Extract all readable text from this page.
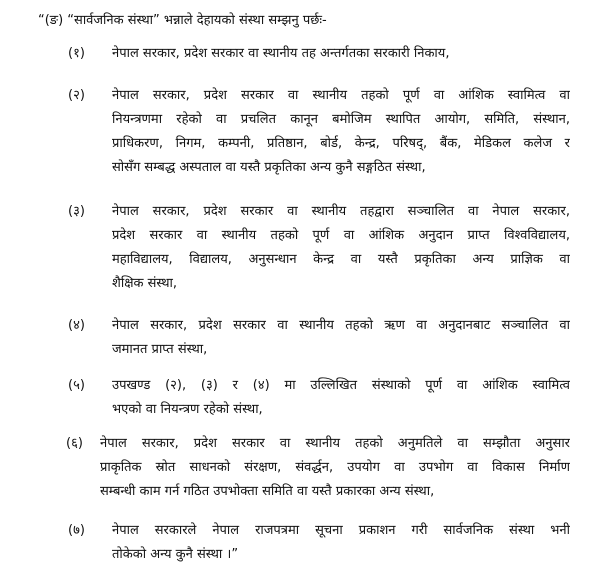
“(ङ) “सार्वजनिक संस्था” भन्नाले देहायको संस्था सम्झनु पर्छः-
(१) नेपाल सरकार, प्रदेश सरकार वा स्थानीय तह अन्तर्गतका सरकारी निकाय,
(२) नेपाल सरकार, प्रदेश सरकार वा स्थानीय तहको पूर्ण वा आंशिक स्वामित्व वा
नियन्त्रणमा रहेको वा प्रचलित कानून बमोजिम स्थापित आयोग, समिति, संस्थान,
प्राधिकरण, निगम, कम्पनी, प्रतिष्ठान, बोर्ड, केन्द्र, परिषद्, बैंक, मेडिकल कलेज र
सोसँग सम्बद्ध अस्पताल वा यस्तै प्रकृतिका अन्य कुनै सङ्गठित संस्था,
(३) नेपाल सरकार, प्रदेश सरकार वा स्थानीय तहद्वारा सञ्चालित वा नेपाल सरकार,
प्रदेश सरकार वा स्थानीय तहको पूर्ण वा आंशिक अनुदान प्राप्त विश्वविद्यालय,
महाविद्यालय, विद्यालय, अनुसन्धान केन्द्र वा यस्तै प्रकृतिका अन्य प्राज्ञिक वा
शैक्षिक संस्था,
(४) नेपाल सरकार, प्रदेश सरकार वा स्थानीय तहको ऋण वा अनुदानबाट सञ्चालित वा
जमानत प्राप्त संस्था,
(५) उपखण्ड (२), (३) र (४) मा उल्लिखित संस्थाको पूर्ण वा आंशिक स्वामित्व
भएको वा नियन्त्रण रहेको संस्था,
(६) नेपाल सरकार, प्रदेश सरकार वा स्थानीय तहको अनुमतिले वा सम्झौता अनुसार
प्राकृतिक स्रोत साधनको संरक्षण, संवर्द्धन, उपयोग वा उपभोग वा विकास निर्माण
सम्बन्धी काम गर्न गठित उपभोक्ता समिति वा यस्तै प्रकारका अन्य संस्था,
(७) नेपाल सरकारले नेपाल राजपत्रमा सूचना प्रकाशन गरी सार्वजनिक संस्था भनी
तोकेको अन्य कुनै संस्था ।”
